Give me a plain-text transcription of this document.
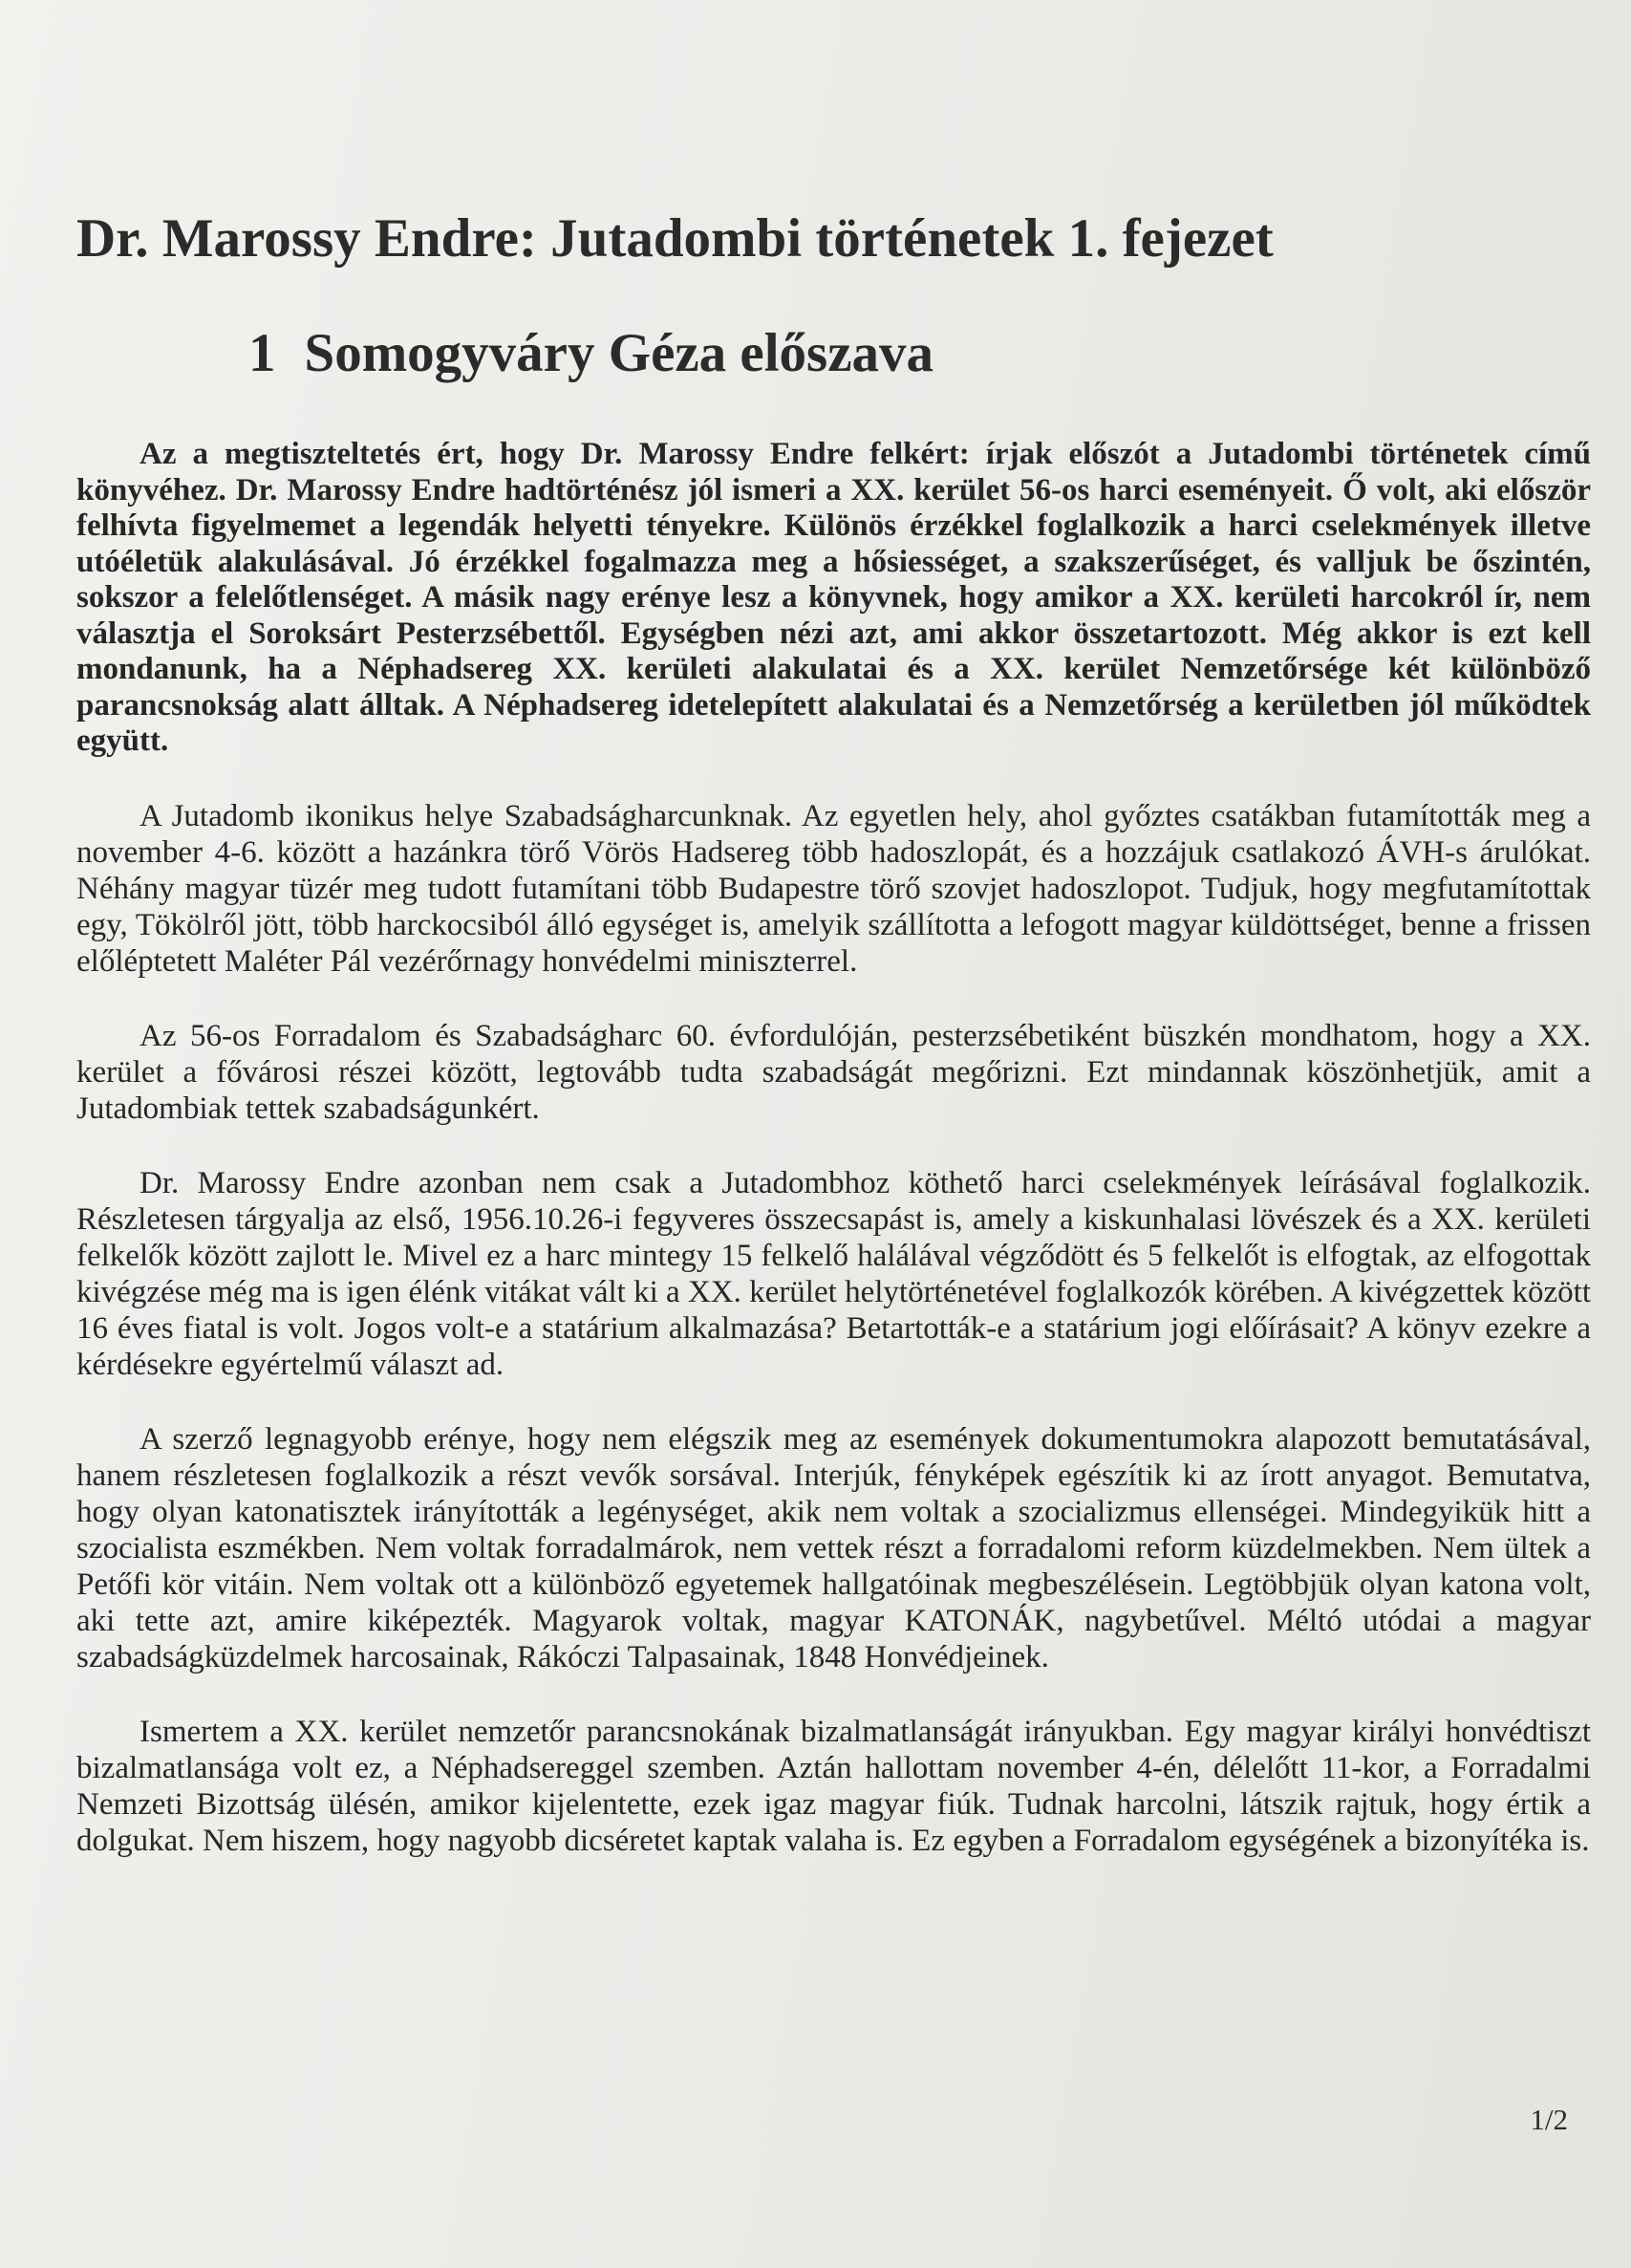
Dr. Marossy Endre: Jutadombi történetek 1. fejezet
1 Somogyváry Géza előszava

Az a megtiszteltetés ért, hogy Dr. Marossy Endre felkért: írjak előszót a Jutadombi történetek című könyvéhez. Dr. Marossy Endre hadtörténész jól ismeri a XX. kerület 56-os harci eseményeit. Ő volt, aki először felhívta figyelmemet a legendák helyetti tényekre. Különös érzékkel foglalkozik a harci cselekmények illetve utóéletük alakulásával. Jó érzékkel fogalmazza meg a hősiességet, a szakszerűséget, és valljuk be őszintén, sokszor a felelőtlenséget. A másik nagy erénye lesz a könyvnek, hogy amikor a XX. kerületi harcokról ír, nem választja el Soroksárt Pesterzsébettől. Egységben nézi azt, ami akkor összetartozott. Még akkor is ezt kell mondanunk, ha a Néphadsereg XX. kerületi alakulatai és a XX. kerület Nemzetőrsége két különböző parancsnokság alatt álltak. A Néphadsereg idetelepített alakulatai és a Nemzetőrség a kerületben jól működtek együtt.

A Jutadomb ikonikus helye Szabadságharcunknak. Az egyetlen hely, ahol győztes csatákban futamították meg a november 4-6. között a hazánkra törő Vörös Hadsereg több hadoszlopát, és a hozzájuk csatlakozó ÁVH-s árulókat. Néhány magyar tüzér meg tudott futamítani több Budapestre törő szovjet hadoszlopot. Tudjuk, hogy megfutamítottak egy, Tökölről jött, több harckocsiból álló egységet is, amelyik szállította a lefogott magyar küldöttséget, benne a frissen előléptetett Maléter Pál vezérőrnagy honvédelmi miniszterrel.

Az 56-os Forradalom és Szabadságharc 60. évfordulóján, pesterzsébetiként büszkén mondhatom, hogy a XX. kerület a fővárosi részei között, legtovább tudta szabadságát megőrizni. Ezt mindannak köszönhetjük, amit a Jutadombiak tettek szabadságunkért.

Dr. Marossy Endre azonban nem csak a Jutadombhoz köthető harci cselekmények leírásával foglalkozik. Részletesen tárgyalja az első, 1956.10.26-i fegyveres összecsapást is, amely a kiskunhalasi lövészek és a XX. kerületi felkelők között zajlott le. Mivel ez a harc mintegy 15 felkelő halálával végződött és 5 felkelőt is elfogtak, az elfogottak kivégzése még ma is igen élénk vitákat vált ki a XX. kerület helytörténetével foglalkozók körében. A kivégzettek között 16 éves fiatal is volt. Jogos volt-e a statárium alkalmazása? Betartották-e a statárium jogi előírásait? A könyv ezekre a kérdésekre egyértelmű választ ad.

A szerző legnagyobb erénye, hogy nem elégszik meg az események dokumentumokra alapozott bemutatásával, hanem részletesen foglalkozik a részt vevők sorsával. Interjúk, fényképek egészítik ki az írott anyagot. Bemutatva, hogy olyan katonatisztek irányították a legénységet, akik nem voltak a szocializmus ellenségei. Mindegyikük hitt a szocialista eszmékben. Nem voltak forradalmárok, nem vettek részt a forradalomi reform küzdelmekben. Nem ültek a Petőfi kör vitáin. Nem voltak ott a különböző egyetemek hallgatóinak megbeszélésein. Legtöbbjük olyan katona volt, aki tette azt, amire kiképezték. Magyarok voltak, magyar KATONÁK, nagybetűvel. Méltó utódai a magyar szabadságküzdelmek harcosainak, Rákóczi Talpasainak, 1848 Honvédjeinek.

Ismertem a XX. kerület nemzetőr parancsnokának bizalmatlanságát irányukban. Egy magyar királyi honvédtiszt bizalmatlansága volt ez, a Néphadsereggel szemben. Aztán hallottam november 4-én, délelőtt 11-kor, a Forradalmi Nemzeti Bizottság ülésén, amikor kijelentette, ezek igaz magyar fiúk. Tudnak harcolni, látszik rajtuk, hogy értik a dolgukat. Nem hiszem, hogy nagyobb dicséretet kaptak valaha is. Ez egyben a Forradalom egységének a bizonyítéka is.

1/2
